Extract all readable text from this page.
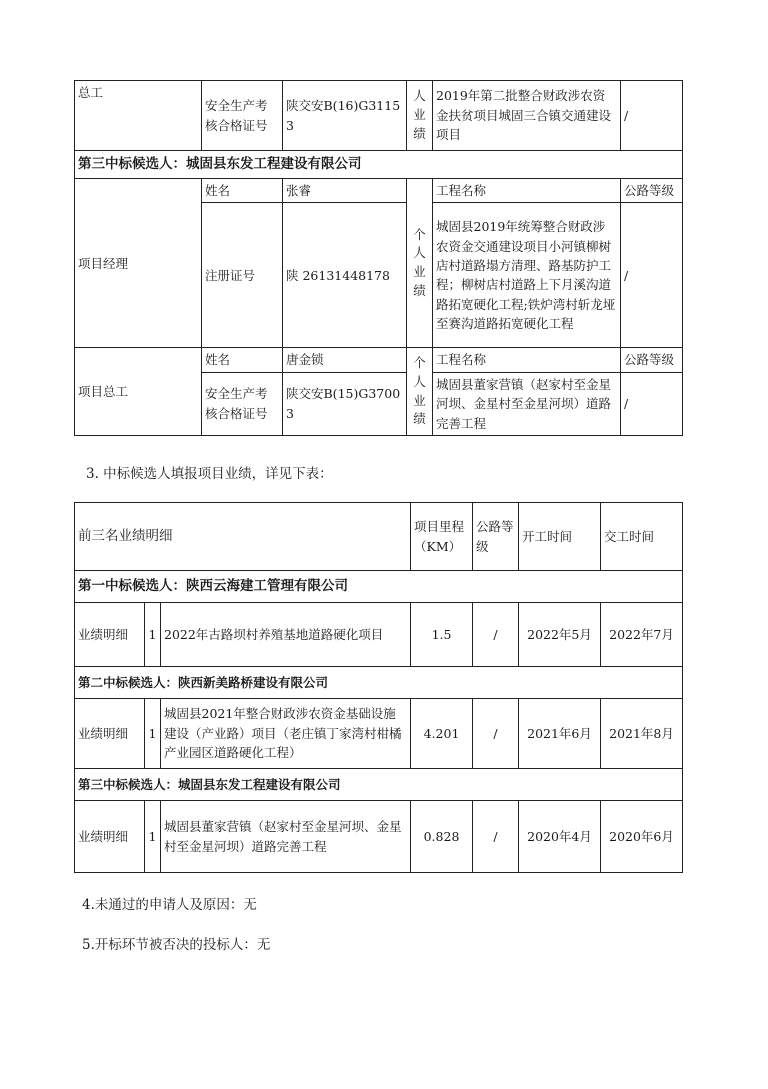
总工	安全生产考核合格证号	陕交安B(16)G31153	人业绩	2019年第二批整合财政涉农资金扶贫项目城固三合镇交通建设项目	/
第三中标候选人：城固县东发工程建设有限公司					
项目经理	姓名	张睿	个人业绩	工程名称	公路等级
	注册证号	陕 26131448178		城固县2019年统筹整合财政涉农资金交通建设项目小河镇柳树店村道路塌方清理、路基防护工程；柳树店村道路上下月溪沟道路拓宽硬化工程;铁炉湾村斩龙垭至赛沟道路拓宽硬化工程	/
项目总工	姓名	唐金锁	个人业绩	工程名称	公路等级
	安全生产考核合格证号	陕交安B(15)G37003		城固县董家营镇（赵家村至金星河坝、金星村至金星河坝）道路完善工程	/
3. 中标候选人填报项目业绩，详见下表：
前三名业绩明细			项目里程（KM）	公路等级	开工时间	交工时间
第一中标候选人：陕西云海建工管理有限公司						
业绩明细	1	2022年古路坝村养殖基地道路硬化项目	1.5	/	2022年5月	2022年7月
第二中标候选人：陕西新美路桥建设有限公司						
业绩明细	1	城固县2021年整合财政涉农资金基础设施建设（产业路）项目（老庄镇丁家湾村柑橘产业园区道路硬化工程）	4.201	/	2021年6月	2021年8月
第三中标候选人：城固县东发工程建设有限公司						
业绩明细	1	城固县董家营镇（赵家村至金星河坝、金星村至金星河坝）道路完善工程	0.828	/	2020年4月	2020年6月
4.未通过的申请人及原因：无
5.开标环节被否决的投标人：无
